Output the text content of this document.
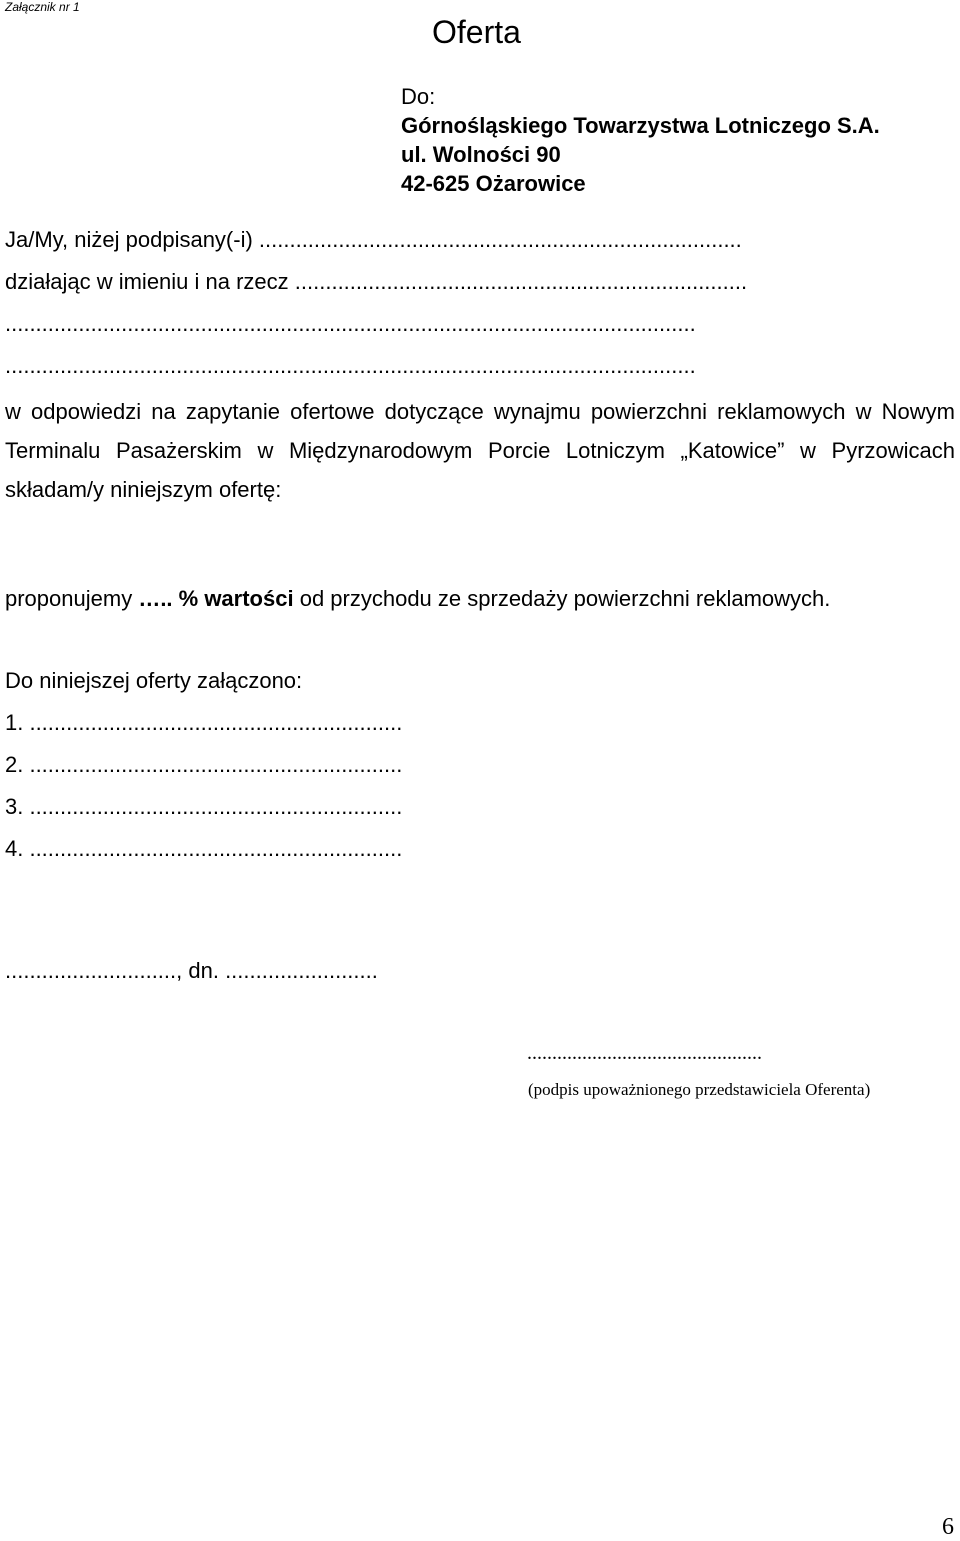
Załącznik nr 1
Oferta
Do:
Górnośląskiego Towarzystwa Lotniczego S.A.
ul. Wolności 90
42-625 Ożarowice
Ja/My, niżej podpisany(-i) ...............................................................................
działając w imieniu i na rzecz ..........................................................................
.................................................................................................................
.................................................................................................................
w odpowiedzi na zapytanie ofertowe dotyczące wynajmu powierzchni reklamowych w Nowym Terminalu Pasażerskim w Międzynarodowym Porcie Lotniczym „Katowice” w Pyrzowicach składam/y niniejszym ofertę:
proponujemy ….. % wartości od przychodu ze sprzedaży powierzchni reklamowych.
Do niniejszej oferty załączono:
1. .............................................................
2. .............................................................
3. .............................................................
4. .............................................................
............................, dn. .........................
...............................................
(podpis upoważnionego przedstawiciela Oferenta)
6
